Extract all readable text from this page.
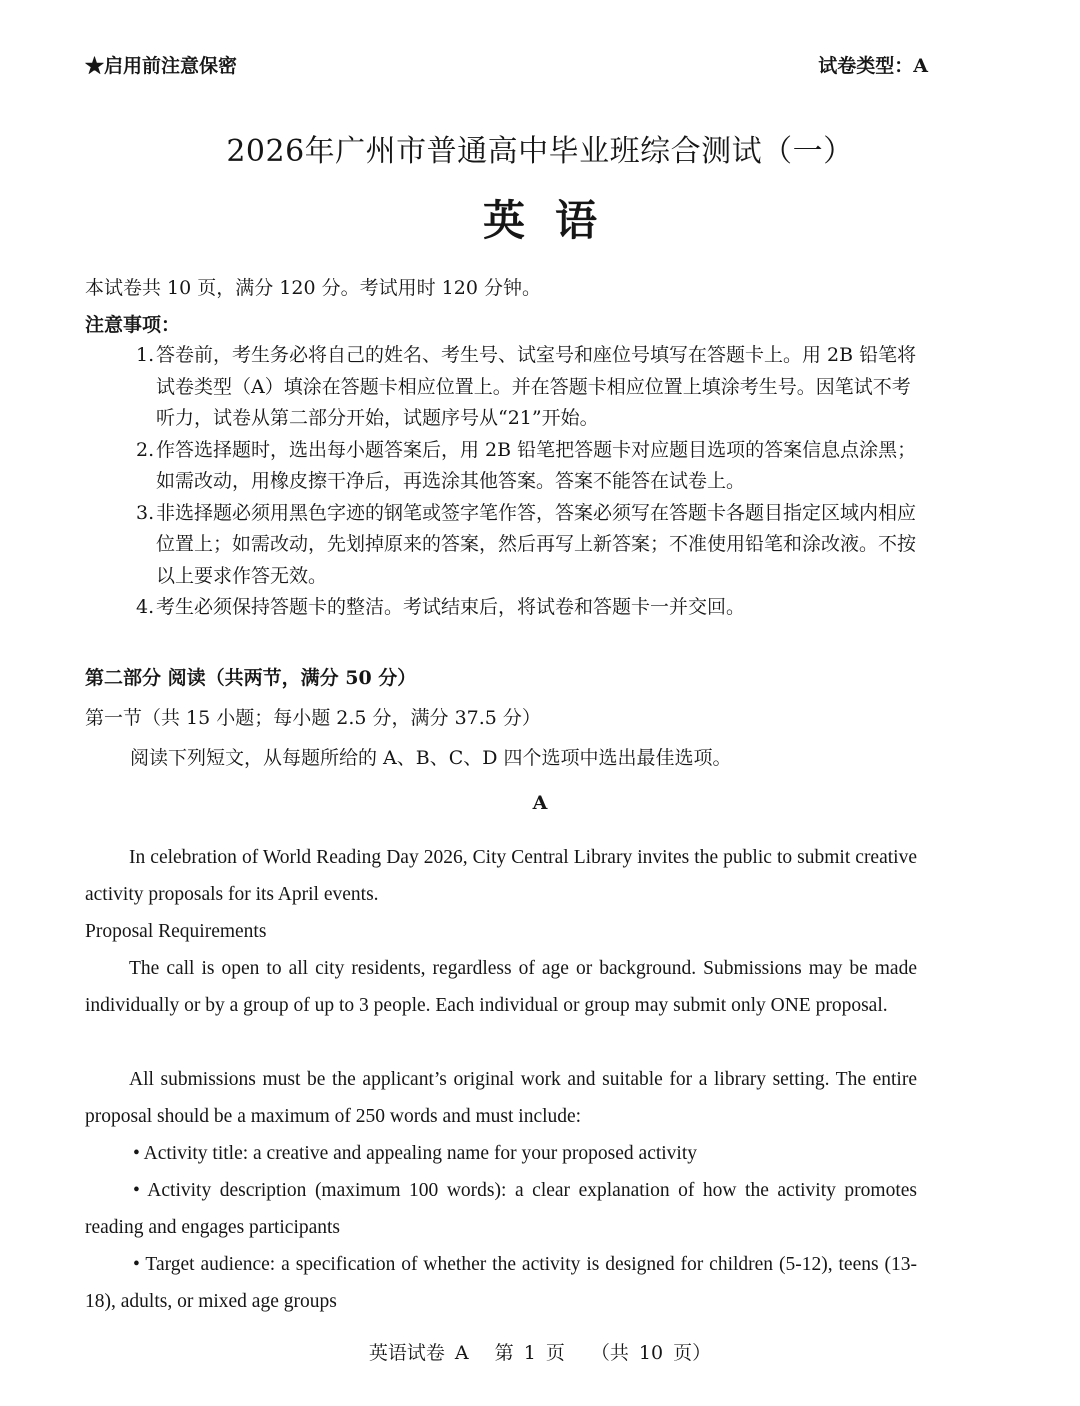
★启用前注意保密	试卷类型：A
2026年广州市普通高中毕业班综合测试（一）
英语
本试卷共 10 页，满分 120 分。考试用时 120 分钟。
注意事项：
1. 答卷前，考生务必将自己的姓名、考生号、试室号和座位号填写在答题卡上。用 2B 铅笔将试卷类型（A）填涂在答题卡相应位置上。并在答题卡相应位置上填涂考生号。因笔试不考听力，试卷从第二部分开始，试题序号从“21”开始。
2. 作答选择题时，选出每小题答案后，用 2B 铅笔把答题卡对应题目选项的答案信息点涂黑；如需改动，用橡皮擦干净后，再选涂其他答案。答案不能答在试卷上。
3. 非选择题必须用黑色字迹的钢笔或签字笔作答，答案必须写在答题卡各题目指定区域内相应位置上；如需改动，先划掉原来的答案，然后再写上新答案；不准使用铅笔和涂改液。不按以上要求作答无效。
4. 考生必须保持答题卡的整洁。考试结束后，将试卷和答题卡一并交回。
第二部分 阅读（共两节，满分 50 分）
第一节（共 15 小题；每小题 2.5 分，满分 37.5 分）
阅读下列短文，从每题所给的 A、B、C、D 四个选项中选出最佳选项。
A

In celebration of World Reading Day 2026, City Central Library invites the public to submit creative activity proposals for its April events.

Proposal Requirements

The call is open to all city residents, regardless of age or background. Submissions may be made individually or by a group of up to 3 people. Each individual or group may submit only ONE proposal.

All submissions must be the applicant’s original work and suitable for a library setting. The entire proposal should be a maximum of 250 words and must include:

• Activity title: a creative and appealing name for your proposed activity

• Activity description (maximum 100 words): a clear explanation of how the activity promotes reading and engages participants

• Target audience: a specification of whether the activity is designed for children (5-12), teens (13-18), adults, or mixed age groups

英语试卷 A 第 1 页 （共 10 页）
